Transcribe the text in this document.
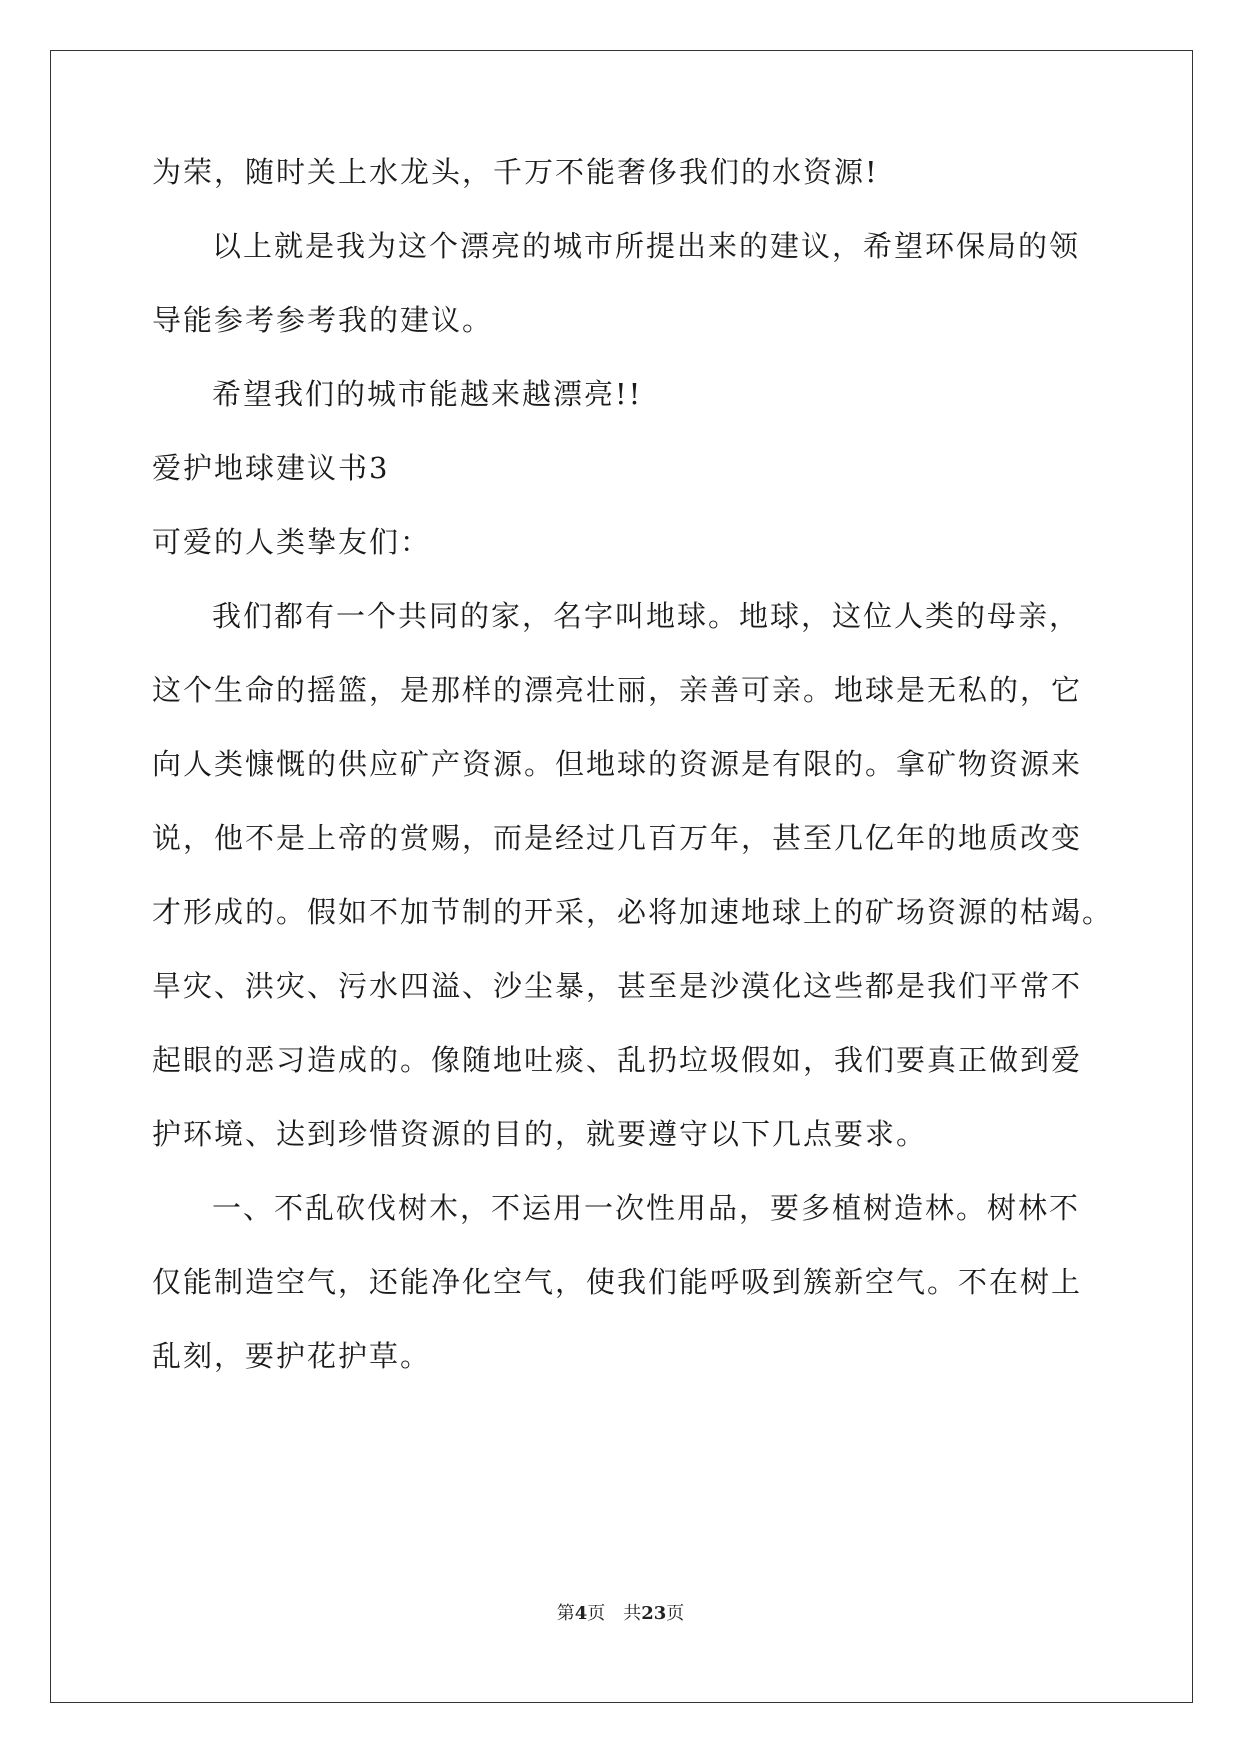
为荣，随时关上水龙头，千万不能奢侈我们的水资源!
以上就是我为这个漂亮的城市所提出来的建议，希望环保局的领
导能参考参考我的建议。
希望我们的城市能越来越漂亮!!
爱护地球建议书3
可爱的人类挚友们：
我们都有一个共同的家，名字叫地球。地球，这位人类的母亲，
这个生命的摇篮，是那样的漂亮壮丽，亲善可亲。地球是无私的，它
向人类慷慨的供应矿产资源。但地球的资源是有限的。拿矿物资源来
说，他不是上帝的赏赐，而是经过几百万年，甚至几亿年的地质改变
才形成的。假如不加节制的开采，必将加速地球上的矿场资源的枯竭。
旱灾、洪灾、污水四溢、沙尘暴，甚至是沙漠化这些都是我们平常不
起眼的恶习造成的。像随地吐痰、乱扔垃圾假如，我们要真正做到爱
护环境、达到珍惜资源的目的，就要遵守以下几点要求。
一、不乱砍伐树木，不运用一次性用品，要多植树造林。树林不
仅能制造空气，还能净化空气，使我们能呼吸到簇新空气。不在树上
乱刻，要护花护草。
第4页 共23页
